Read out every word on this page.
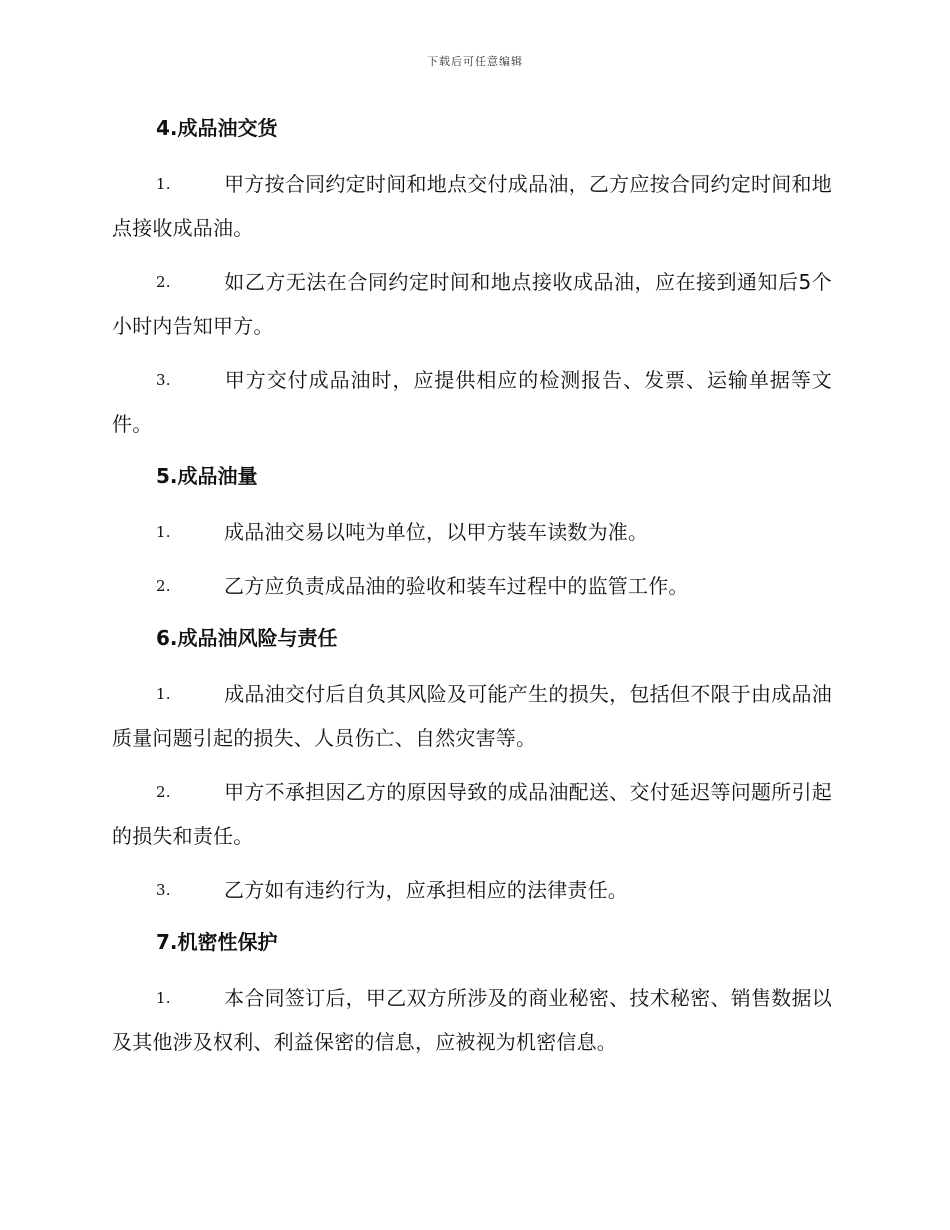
下载后可任意编辑
4.成品油交货
1.	甲方按合同约定时间和地点交付成品油，乙方应按合同约定时间和地点接收成品油。
2.	如乙方无法在合同约定时间和地点接收成品油，应在接到通知后5个小时内告知甲方。
3.	甲方交付成品油时，应提供相应的检测报告、发票、运输单据等文件。
5.成品油量
1.	成品油交易以吨为单位，以甲方装车读数为准。
2.	乙方应负责成品油的验收和装车过程中的监管工作。
6.成品油风险与责任
1.	成品油交付后自负其风险及可能产生的损失，包括但不限于由成品油质量问题引起的损失、人员伤亡、自然灾害等。
2.	甲方不承担因乙方的原因导致的成品油配送、交付延迟等问题所引起的损失和责任。
3.	乙方如有违约行为，应承担相应的法律责任。
7.机密性保护
1.	本合同签订后，甲乙双方所涉及的商业秘密、技术秘密、销售数据以及其他涉及权利、利益保密的信息，应被视为机密信息。
